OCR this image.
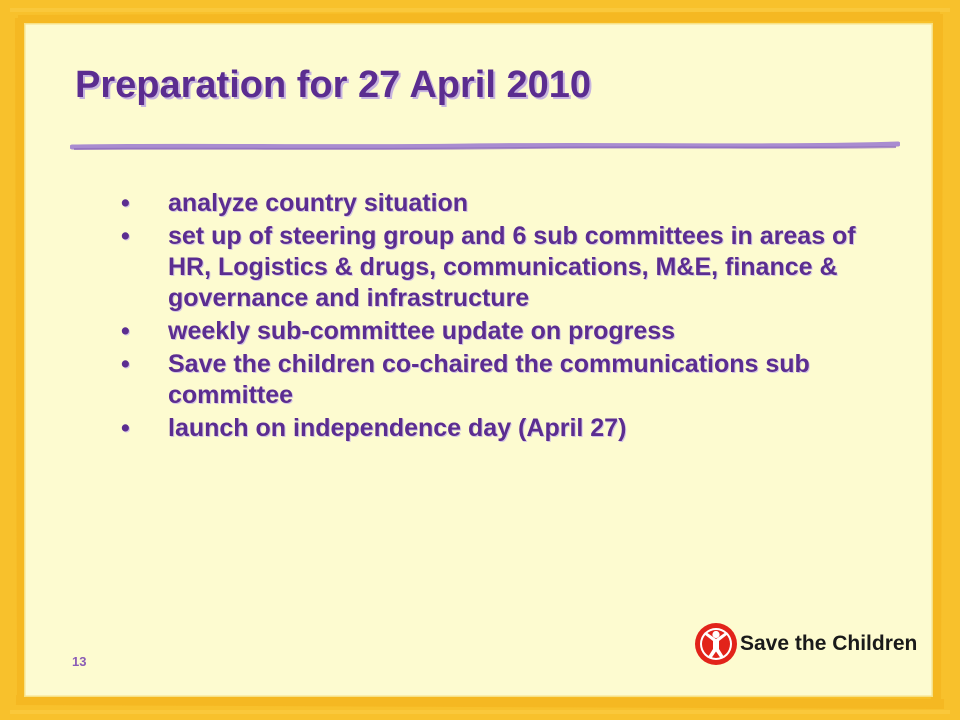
Preparation for 27 April 2010
• analyze country situation
• set up of steering group and 6 sub committees in areas of HR, Logistics & drugs, communications, M&E, finance & governance and infrastructure
• weekly sub-committee update on progress
• Save the children co-chaired the communications sub committee
• launch on independence day (April 27)
13
Save the Children
